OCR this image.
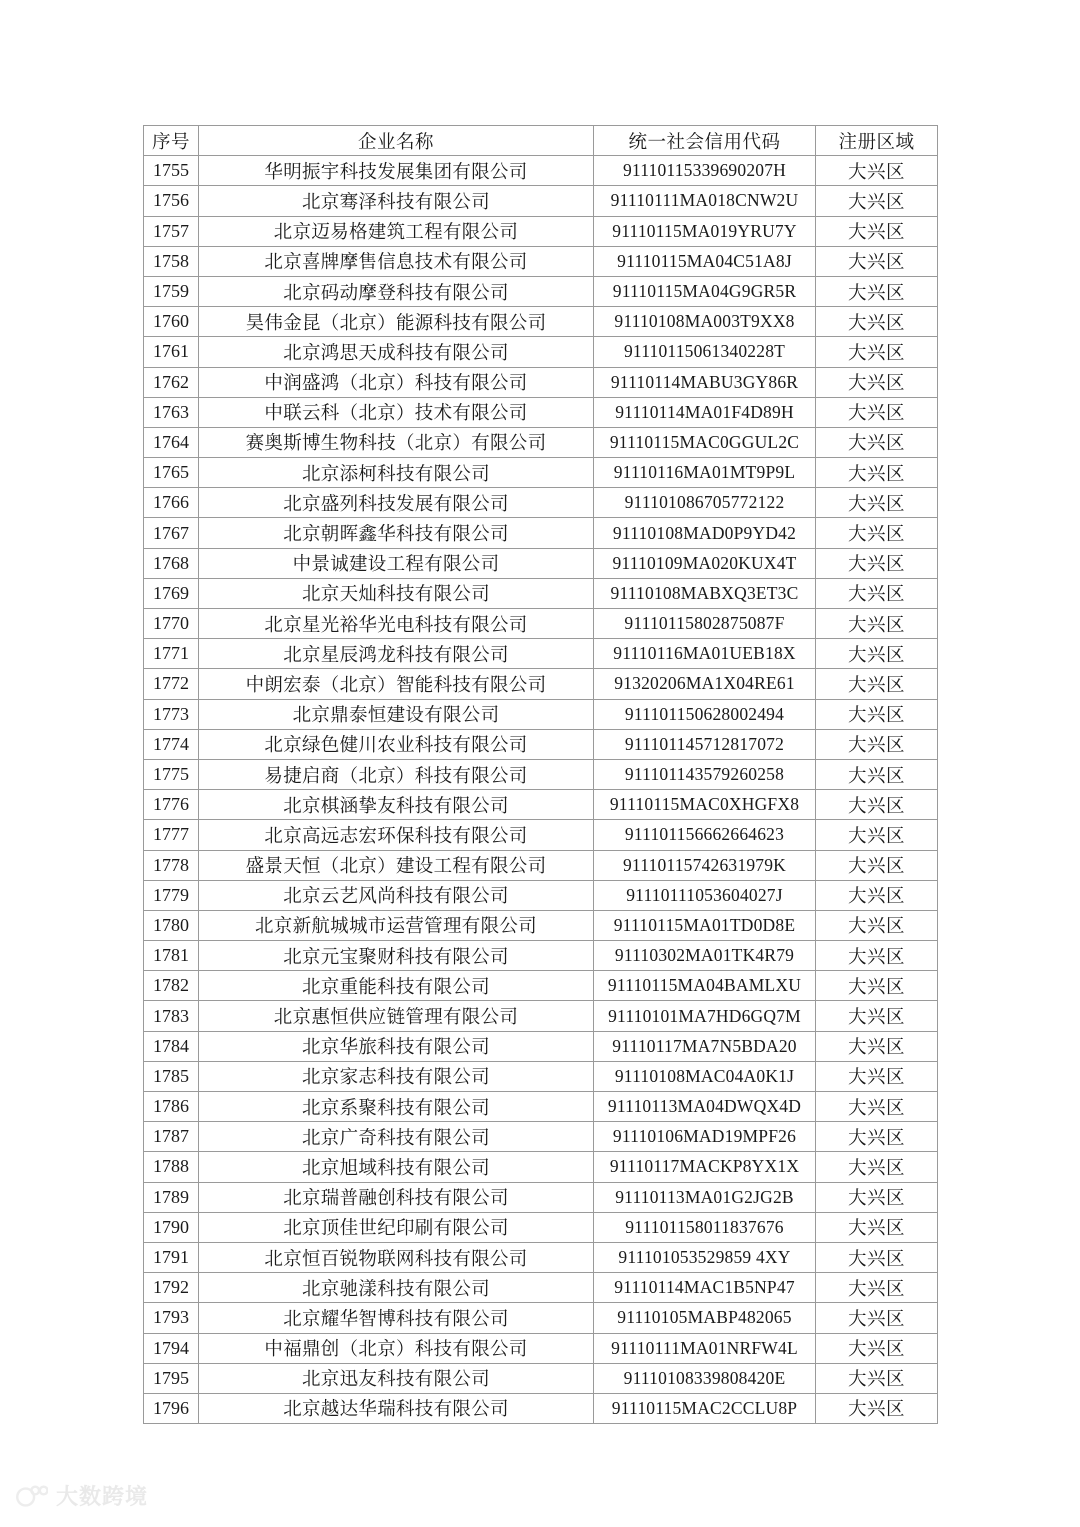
序号	企业名称	统一社会信用代码	注册区域
1755	华明振宇科技发展集团有限公司	91110115339690207H	大兴区
1756	北京骞泽科技有限公司	91110111MA018CNW2U	大兴区
1757	北京迈易格建筑工程有限公司	91110115MA019YRU7Y	大兴区
1758	北京喜牌摩售信息技术有限公司	91110115MA04C51A8J	大兴区
1759	北京码动摩登科技有限公司	91110115MA04G9GR5R	大兴区
1760	昊伟金昆（北京）能源科技有限公司	91110108MA003T9XX8	大兴区
1761	北京鸿思天成科技有限公司	91110115061340228T	大兴区
1762	中润盛鸿（北京）科技有限公司	91110114MABU3GY86R	大兴区
1763	中联云科（北京）技术有限公司	91110114MA01F4D89H	大兴区
1764	赛奥斯博生物科技（北京）有限公司	91110115MAC0GGUL2C	大兴区
1765	北京添柯科技有限公司	91110116MA01MT9P9L	大兴区
1766	北京盛列科技发展有限公司	911101086705772122	大兴区
1767	北京朝晖鑫华科技有限公司	91110108MAD0P9YD42	大兴区
1768	中景诚建设工程有限公司	91110109MA020KUX4T	大兴区
1769	北京天灿科技有限公司	91110108MABXQ3ET3C	大兴区
1770	北京星光裕华光电科技有限公司	91110115802875087F	大兴区
1771	北京星辰鸿龙科技有限公司	91110116MA01UEB18X	大兴区
1772	中朗宏泰（北京）智能科技有限公司	91320206MA1X04RE61	大兴区
1773	北京鼎泰恒建设有限公司	911101150628002494	大兴区
1774	北京绿色健川农业科技有限公司	911101145712817072	大兴区
1775	易捷启商（北京）科技有限公司	911101143579260258	大兴区
1776	北京棋涵挚友科技有限公司	91110115MAC0XHGFX8	大兴区
1777	北京高远志宏环保科技有限公司	911101156662664623	大兴区
1778	盛景天恒（北京）建设工程有限公司	91110115742631979K	大兴区
1779	北京云艺风尚科技有限公司	91110111053604027J	大兴区
1780	北京新航城城市运营管理有限公司	91110115MA01TD0D8E	大兴区
1781	北京元宝聚财科技有限公司	91110302MA01TK4R79	大兴区
1782	北京重能科技有限公司	91110115MA04BAMLXU	大兴区
1783	北京惠恒供应链管理有限公司	91110101MA7HD6GQ7M	大兴区
1784	北京华旅科技有限公司	91110117MA7N5BDA20	大兴区
1785	北京家志科技有限公司	91110108MAC04A0K1J	大兴区
1786	北京系聚科技有限公司	91110113MA04DWQX4D	大兴区
1787	北京广奇科技有限公司	91110106MAD19MPF26	大兴区
1788	北京旭域科技有限公司	91110117MACKP8YX1X	大兴区
1789	北京瑞普融创科技有限公司	91110113MA01G2JG2B	大兴区
1790	北京顶佳世纪印刷有限公司	911101158011837676	大兴区
1791	北京恒百锐物联网科技有限公司	911101053529859 4XY	大兴区
1792	北京驰漾科技有限公司	91110114MAC1B5NP47	大兴区
1793	北京耀华智博科技有限公司	91110105MABP482065	大兴区
1794	中福鼎创（北京）科技有限公司	91110111MA01NRFW4L	大兴区
1795	北京迅友科技有限公司	91110108339808420E	大兴区
1796	北京越达华瑞科技有限公司	91110115MAC2CCLU8P	大兴区
大数跨境
